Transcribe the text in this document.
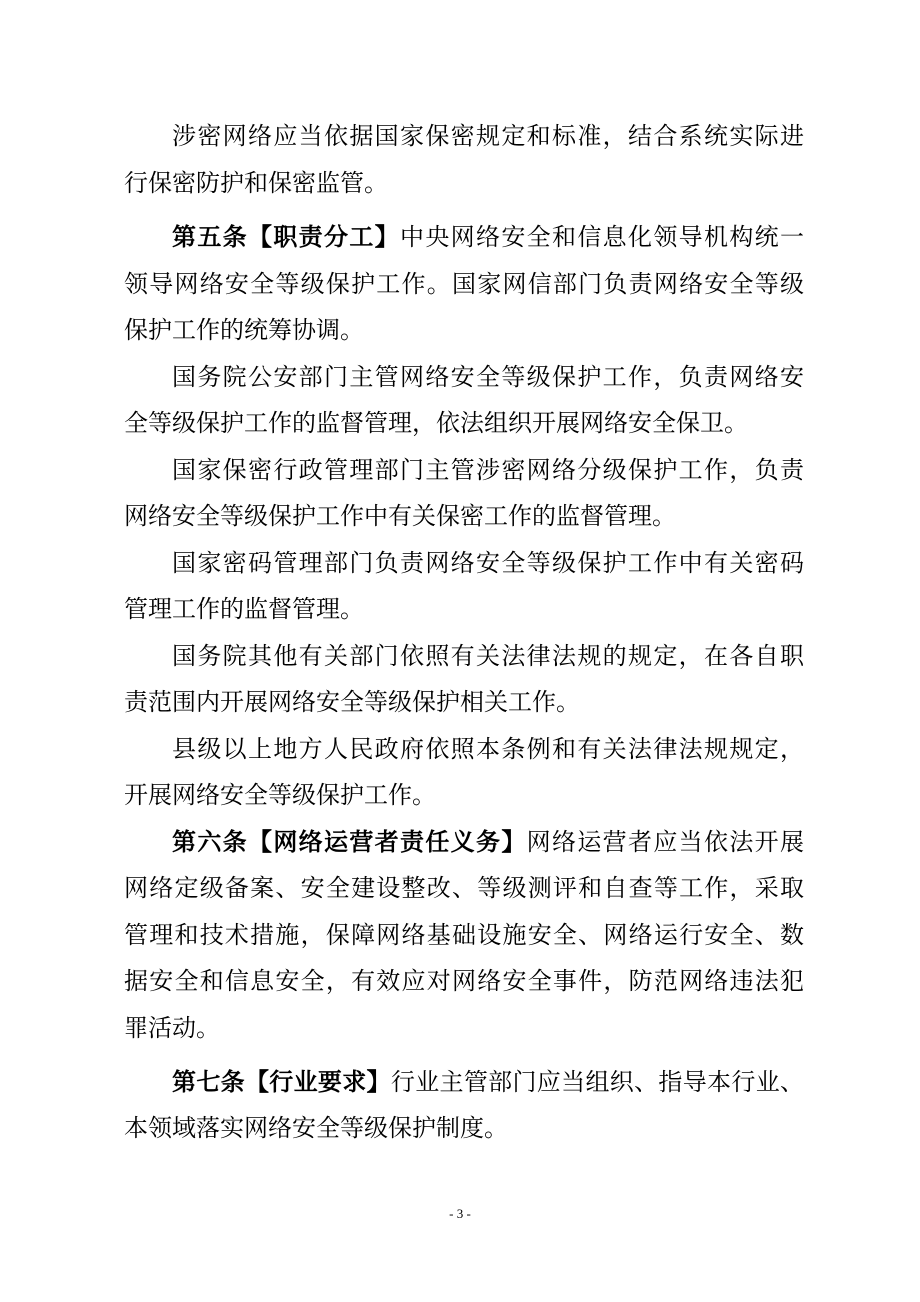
涉密网络应当依据国家保密规定和标准，结合系统实际进

行保密防护和保密监管。

第五条【职责分工】中央网络安全和信息化领导机构统一

领导网络安全等级保护工作。国家网信部门负责网络安全等级

保护工作的统筹协调。

国务院公安部门主管网络安全等级保护工作，负责网络安

全等级保护工作的监督管理，依法组织开展网络安全保卫。

国家保密行政管理部门主管涉密网络分级保护工作，负责

网络安全等级保护工作中有关保密工作的监督管理。

国家密码管理部门负责网络安全等级保护工作中有关密码

管理工作的监督管理。

国务院其他有关部门依照有关法律法规的规定，在各自职

责范围内开展网络安全等级保护相关工作。

县级以上地方人民政府依照本条例和有关法律法规规定，

开展网络安全等级保护工作。

第六条【网络运营者责任义务】网络运营者应当依法开展

网络定级备案、安全建设整改、等级测评和自查等工作，采取

管理和技术措施，保障网络基础设施安全、网络运行安全、数

据安全和信息安全，有效应对网络安全事件，防范网络违法犯

罪活动。

第七条【行业要求】行业主管部门应当组织、指导本行业、

本领域落实网络安全等级保护制度。

- 3 -
